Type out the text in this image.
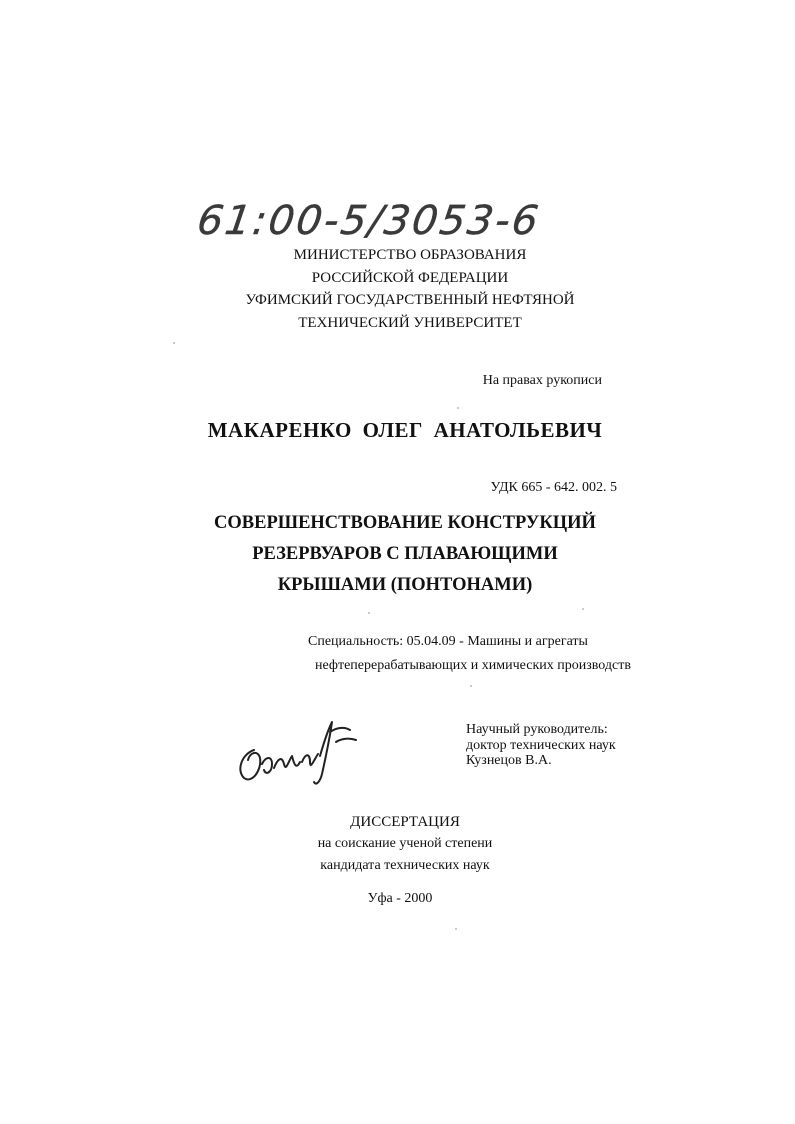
61:00-5/3053-6
МИНИСТЕРСТВО ОБРАЗОВАНИЯ
РОССИЙСКОЙ ФЕДЕРАЦИИ
УФИМСКИЙ ГОСУДАРСТВЕННЫЙ НЕФТЯНОЙ
ТЕХНИЧЕСКИЙ УНИВЕРСИТЕТ
На правах рукописи
МАКАРЕНКО ОЛЕГ АНАТОЛЬЕВИЧ
УДК 665 - 642. 002. 5
СОВЕРШЕНСТВОВАНИЕ КОНСТРУКЦИЙ
РЕЗЕРВУАРОВ С ПЛАВАЮЩИМИ
КРЫШАМИ (ПОНТОНАМИ)
Специальность: 05.04.09 - Машины и агрегаты
нефтеперерабатывающих и химических производств
Научный руководитель:
доктор технических наук
Кузнецов В.А.
ДИССЕРТАЦИЯ
на соискание ученой степени
кандидата технических наук
Уфа - 2000
